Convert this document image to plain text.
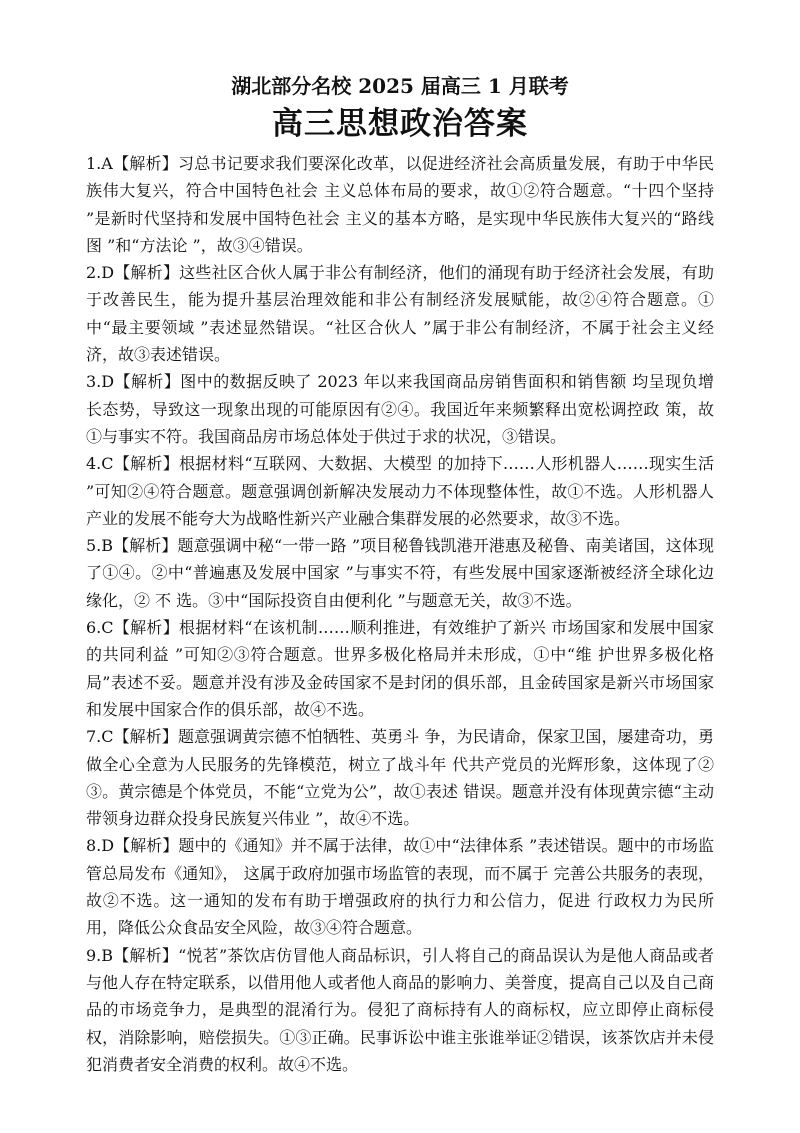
湖北部分名校 2025 届高三 1 月联考
高三思想政治答案

1.A【解析】习总书记要求我们要深化改革，以促进经济社会高质量发展，有助于中华民族伟大复兴，符合中国特色社会 主义总体布局的要求，故①②符合题意。“十四个坚持 ”是新时代坚持和发展中国特色社会 主义的基本方略，是实现中华民族伟大复兴的“路线图 ”和“方法论 ”，故③④错误。

2.D【解析】这些社区合伙人属于非公有制经济，他们的涌现有助于经济社会发展，有助于改善民生，能为提升基层治理效能和非公有制经济发展赋能，故②④符合题意。①中“最主要领域 ”表述显然错误。“社区合伙人 ”属于非公有制经济，不属于社会主义经济，故③表述错误。

3.D【解析】图中的数据反映了 2023 年以来我国商品房销售面积和销售额 均呈现负增长态势，导致这一现象出现的可能原因有②④。我国近年来频繁释出宽松调控政 策，故①与事实不符。我国商品房市场总体处于供过于求的状况，③错误。

4.C【解析】根据材料“互联网、大数据、大模型 的加持下……人形机器人……现实生活 ”可知②④符合题意。题意强调创新解决发展动力不体现整体性，故①不选。人形机器人产业的发展不能夸大为战略性新兴产业融合集群发展的必然要求，故③不选。

5.B【解析】题意强调中秘“一带一路 ”项目秘鲁钱凯港开港惠及秘鲁、南美诸国，这体现了①④。②中“普遍惠及发展中国家 ”与事实不符，有些发展中国家逐渐被经济全球化边缘化，② 不 选。③中“国际投资自由便利化 ”与题意无关，故③不选。

6.C【解析】根据材料“在该机制……顺利推进，有效维护了新兴 市场国家和发展中国家的共同利益 ”可知②③符合题意。世界多极化格局并未形成，①中“维 护世界多极化格局”表述不妥。题意并没有涉及金砖国家不是封闭的俱乐部，且金砖国家是新兴市场国家和发展中国家合作的俱乐部，故④不选。

7.C【解析】题意强调黄宗德不怕牺牲、英勇斗 争，为民请命，保家卫国，屡建奇功，勇做全心全意为人民服务的先锋模范，树立了战斗年 代共产党员的光辉形象，这体现了②③。黄宗德是个体党员，不能“立党为公”，故①表述 错误。题意并没有体现黄宗德“主动带领身边群众投身民族复兴伟业 ”，故④不选。

8.D【解析】题中的《通知》并不属于法律，故①中“法律体系 ”表述错误。题中的市场监管总局发布《通知》， 这属于政府加强市场监管的表现，而不属于 完善公共服务的表现，故②不选。这一通知的发布有助于增强政府的执行力和公信力，促进 行政权力为民所用，降低公众食品安全风险，故③④符合题意。

9.B【解析】“悦茗”茶饮店仿冒他人商品标识，引人将自己的商品误认为是他人商品或者与他人存在特定联系，以借用他人或者他人商品的影响力、美誉度，提高自己以及自己商品的市场竞争力，是典型的混淆行为。侵犯了商标持有人的商标权，应立即停止商标侵权，消除影响，赔偿损失。①③正确。民事诉讼中谁主张谁举证②错误，该茶饮店并未侵犯消费者安全消费的权利。故④不选。
